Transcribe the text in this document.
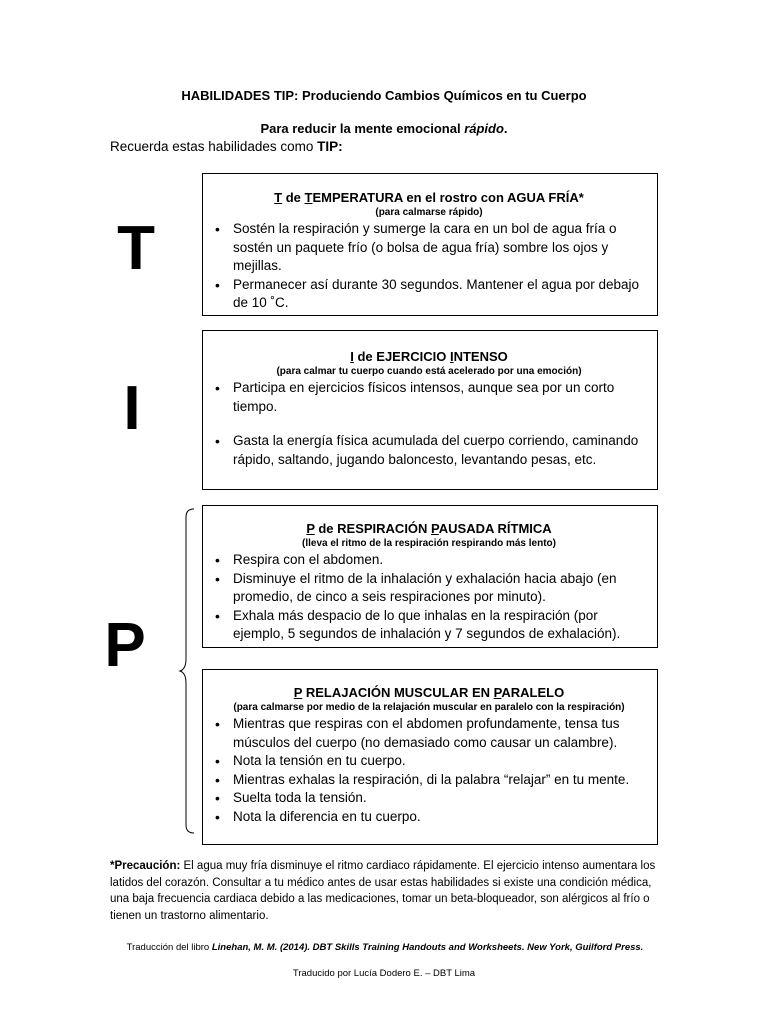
HABILIDADES TIP: Produciendo Cambios Químicos en tu Cuerpo
Para reducir la mente emocional rápido.
Recuerda estas habilidades como TIP:
T
I
P
T de TEMPERATURA en el rostro con AGUA FRÍA*
(para calmarse rápido)
• Sostén la respiración y sumerge la cara en un bol de agua fría o sostén un paquete frío (o bolsa de agua fría) sombre los ojos y mejillas.
• Permanecer así durante 30 segundos. Mantener el agua por debajo de 10 ˚C.
I de EJERCICIO INTENSO
(para calmar tu cuerpo cuando está acelerado por una emoción)
• Participa en ejercicios físicos intensos, aunque sea por un corto tiempo.
• Gasta la energía física acumulada del cuerpo corriendo, caminando rápido, saltando, jugando baloncesto, levantando pesas, etc.
P de RESPIRACIÓN PAUSADA RÍTMICA
(lleva el ritmo de la respiración respirando más lento)
• Respira con el abdomen.
• Disminuye el ritmo de la inhalación y exhalación hacia abajo (en promedio, de cinco a seis respiraciones por minuto).
• Exhala más despacio de lo que inhalas en la respiración (por ejemplo, 5 segundos de inhalación y 7 segundos de exhalación).
P RELAJACIÓN MUSCULAR EN PARALELO
(para calmarse por medio de la relajación muscular en paralelo con la respiración)
• Mientras que respiras con el abdomen profundamente, tensa tus músculos del cuerpo (no demasiado como causar un calambre).
• Nota la tensión en tu cuerpo.
• Mientras exhalas la respiración, di la palabra “relajar” en tu mente.
• Suelta toda la tensión.
• Nota la diferencia en tu cuerpo.
*Precaución: El agua muy fría disminuye el ritmo cardiaco rápidamente. El ejercicio intenso aumentara los latidos del corazón. Consultar a tu médico antes de usar estas habilidades si existe una condición médica, una baja frecuencia cardiaca debido a las medicaciones, tomar un beta-bloqueador, son alérgicos al frío o tienen un trastorno alimentario.
Traducción del libro Linehan, M. M. (2014). DBT Skills Training Handouts and Worksheets. New York, Guilford Press.
Traducido por Lucía Dodero E. – DBT Lima
